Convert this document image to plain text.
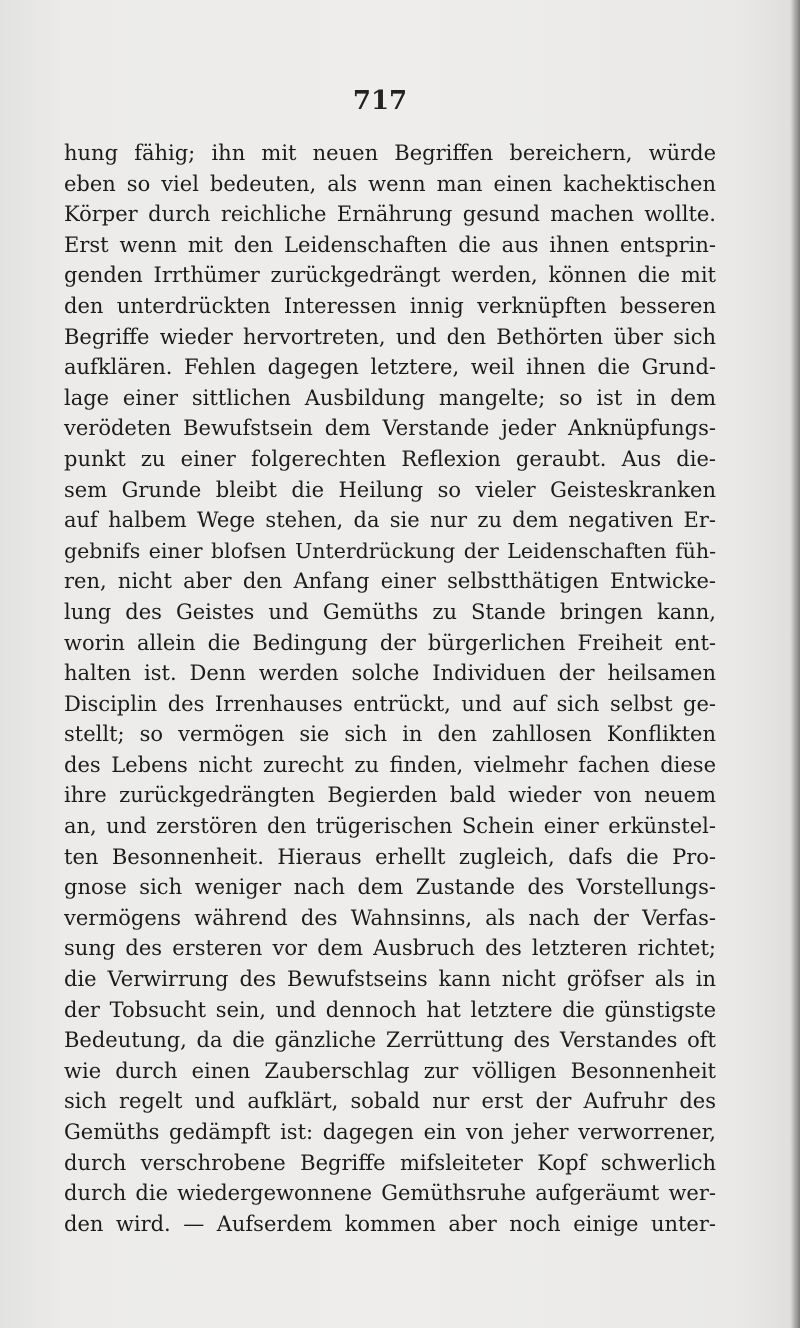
717
hung fähig; ihn mit neuen Begriffen bereichern, würde
eben so viel bedeuten, als wenn man einen kachektischen
Körper durch reichliche Ernährung gesund machen wollte.
Erst wenn mit den Leidenschaften die aus ihnen entsprin-
genden Irrthümer zurückgedrängt werden, können die mit
den unterdrückten Interessen innig verknüpften besseren
Begriffe wieder hervortreten, und den Bethörten über sich
aufklären. Fehlen dagegen letztere, weil ihnen die Grund-
lage einer sittlichen Ausbildung mangelte; so ist in dem
verödeten Bewufstsein dem Verstande jeder Anknüpfungs-
punkt zu einer folgerechten Reflexion geraubt. Aus die-
sem Grunde bleibt die Heilung so vieler Geisteskranken
auf halbem Wege stehen, da sie nur zu dem negativen Er-
gebnifs einer blofsen Unterdrückung der Leidenschaften füh-
ren, nicht aber den Anfang einer selbstthätigen Entwicke-
lung des Geistes und Gemüths zu Stande bringen kann,
worin allein die Bedingung der bürgerlichen Freiheit ent-
halten ist. Denn werden solche Individuen der heilsamen
Disciplin des Irrenhauses entrückt, und auf sich selbst ge-
stellt; so vermögen sie sich in den zahllosen Konflikten
des Lebens nicht zurecht zu finden, vielmehr fachen diese
ihre zurückgedrängten Begierden bald wieder von neuem
an, und zerstören den trügerischen Schein einer erkünstel-
ten Besonnenheit. Hieraus erhellt zugleich, dafs die Pro-
gnose sich weniger nach dem Zustande des Vorstellungs-
vermögens während des Wahnsinns, als nach der Verfas-
sung des ersteren vor dem Ausbruch des letzteren richtet;
die Verwirrung des Bewufstseins kann nicht gröfser als in
der Tobsucht sein, und dennoch hat letztere die günstigste
Bedeutung, da die gänzliche Zerrüttung des Verstandes oft
wie durch einen Zauberschlag zur völligen Besonnenheit
sich regelt und aufklärt, sobald nur erst der Aufruhr des
Gemüths gedämpft ist: dagegen ein von jeher verworrener,
durch verschrobene Begriffe mifsleiteter Kopf schwerlich
durch die wiedergewonnene Gemüthsruhe aufgeräumt wer-
den wird. — Aufserdem kommen aber noch einige unter-
